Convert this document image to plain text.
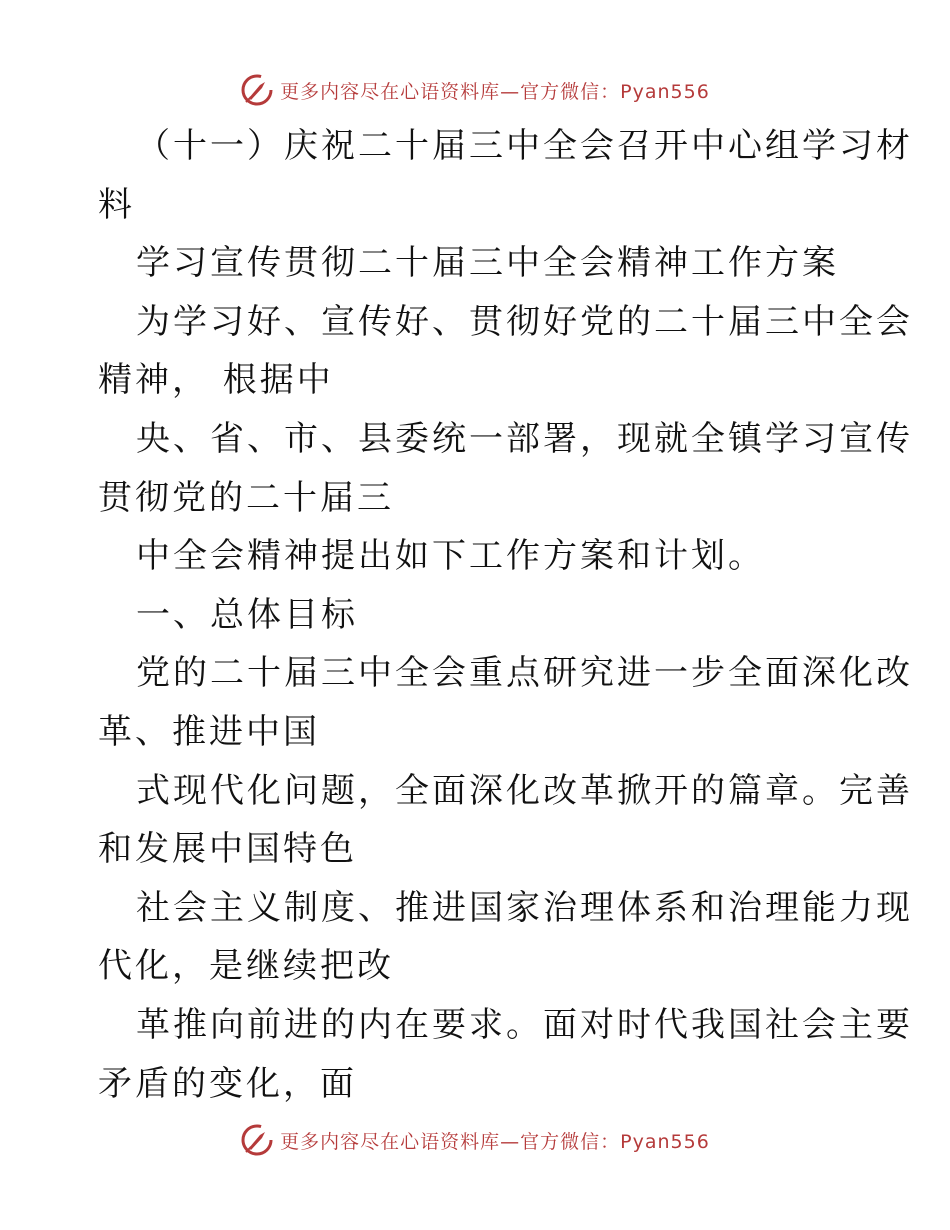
更多内容尽在心语资料库—官方微信：Pyan556
（十一）庆祝二十届三中全会召开中心组学习材
料
学习宣传贯彻二十届三中全会精神工作方案
为学习好、宣传好、贯彻好党的二十届三中全会
精神， 根据中
央、省、市、县委统一部署，现就全镇学习宣传
贯彻党的二十届三
中全会精神提出如下工作方案和计划。
一、总体目标
党的二十届三中全会重点研究进一步全面深化改
革、推进中国
式现代化问题，全面深化改革掀开的篇章。完善
和发展中国特色
社会主义制度、推进国家治理体系和治理能力现
代化，是继续把改
革推向前进的内在要求。面对时代我国社会主要
矛盾的变化，面
更多内容尽在心语资料库—官方微信：Pyan556
